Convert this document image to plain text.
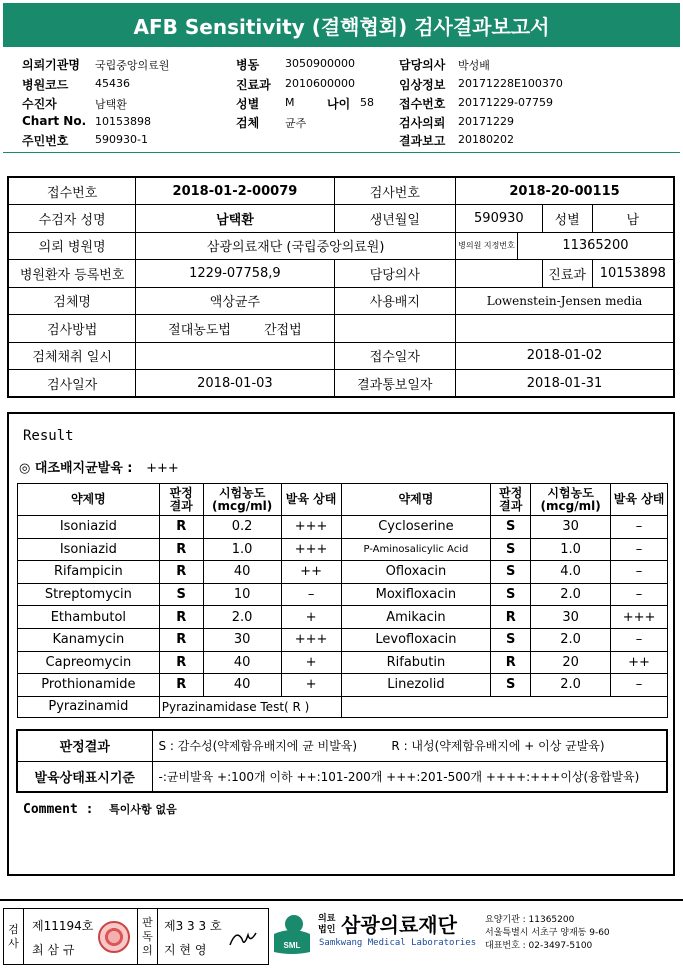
AFB Sensitivity (결핵협회) 검사결과보고서
의뢰기관명 국립중앙의료원
병원코드 45436
수진자	남택환
Chart No. 10153898
주민번호 590930-1
병동 3050900000
진료과 2010600000
성별 M	나이 58
검체 균주
담당의사 박성배
임상정보 20171228E100370
접수번호 20171229-07759
검사의뢰 20171229
결과보고 20180202
접수번호	2018-01-2-00079	검사번호	2018-20-00115			
수검자 성명	남택환	생년월일	590930		성별	남
의뢰 병원명	삼광의료재단 (국립중앙의료원)		병의원 지정번호	11365200		
병원환자 등록번호	1229-07758,9	담당의사			진료과	10153898
검체명	액상균주	사용배지	Lowenstein-Jensen media			
검사방법	절대농도법 간접법					
검체채취 일시		접수일자	2018-01-02			
검사일자	2018-01-03	결과통보일자	2018-01-31			
Result
◎ 대조배지균발육 : +++
약제명	판정 결과	시험농도 (mcg/ml)	발육 상태	약제명	판정 결과	시험농도 (mcg/ml)	발육 상태
Isoniazid	R	0.2	+++	Cycloserine	S	30	–
Isoniazid	R	1.0	+++	P-Aminosalicylic Acid	S	1.0	–
Rifampicin	R	40	++	Ofloxacin	S	4.0	–
Streptomycin	S	10	–	Moxifloxacin	S	2.0	–
Ethambutol	R	2.0	+	Amikacin	R	30	+++
Kanamycin	R	30	+++	Levofloxacin	S	2.0	–
Capreomycin	R	40	+	Rifabutin	R	20	++
Prothionamide	R	40	+	Linezolid	S	2.0	–
Pyrazinamid	Pyrazinamidase Test( R )						
판정결과	S : 감수성(약제함유배지에 균 비발육) R : 내성(약제함유배지에 + 이상 균발육)
발육상태표시기준	-:균비발육 +:100개 이하 ++:101-200개 +++:201-500개 ++++:+++이상(융합발육)
Comment : 특이사항 없음
검
사
제11194호
최 삼 규
판
독
의
제3 3 3 호
지 현 영	SML
의료
법인 삼광의료재단
Samkwang Medical Laboratories
요양기관 : 11365200
서울특별시 서초구 양재동 9-60
대표번호 : 02-3497-5100
